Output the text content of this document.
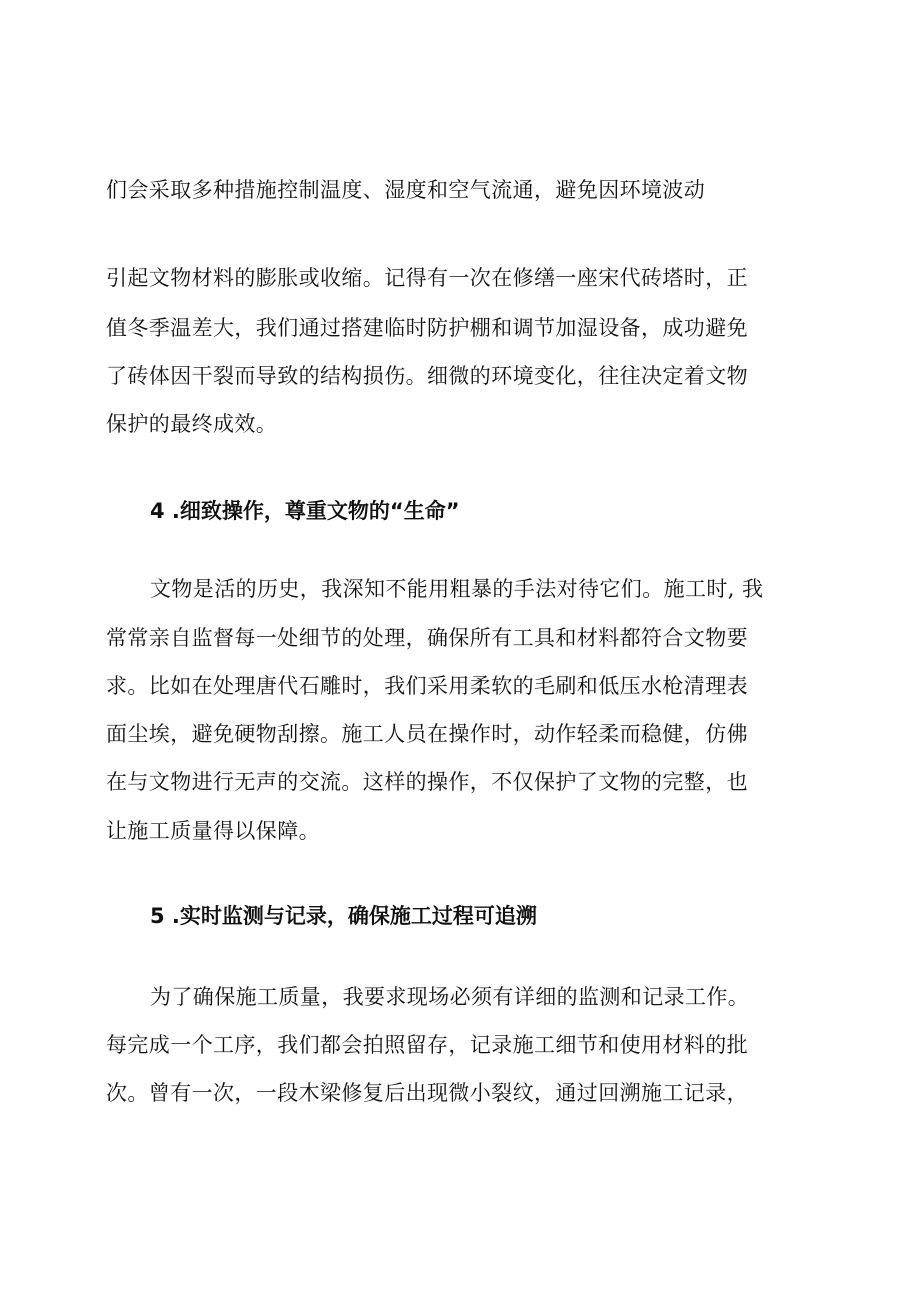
们会采取多种措施控制温度、湿度和空气流通，避免因环境波动
引起文物材料的膨胀或收缩。记得有一次在修缮一座宋代砖塔时，正
值冬季温差大，我们通过搭建临时防护棚和调节加湿设备，成功避免
了砖体因干裂而导致的结构损伤。细微的环境变化，往往决定着文物
保护的最终成效。
4 .细致操作，尊重文物的“生命”
文物是活的历史，我深知不能用粗暴的手法对待它们。施工时, 我
常常亲自监督每一处细节的处理，确保所有工具和材料都符合文物要
求。比如在处理唐代石雕时，我们采用柔软的毛刷和低压水枪清理表
面尘埃，避免硬物刮擦。施工人员在操作时，动作轻柔而稳健，仿佛
在与文物进行无声的交流。这样的操作，不仅保护了文物的完整，也
让施工质量得以保障。
5 .实时监测与记录，确保施工过程可追溯
为了确保施工质量，我要求现场必须有详细的监测和记录工作。
每完成一个工序，我们都会拍照留存，记录施工细节和使用材料的批
次。曾有一次，一段木梁修复后出现微小裂纹，通过回溯施工记录，
